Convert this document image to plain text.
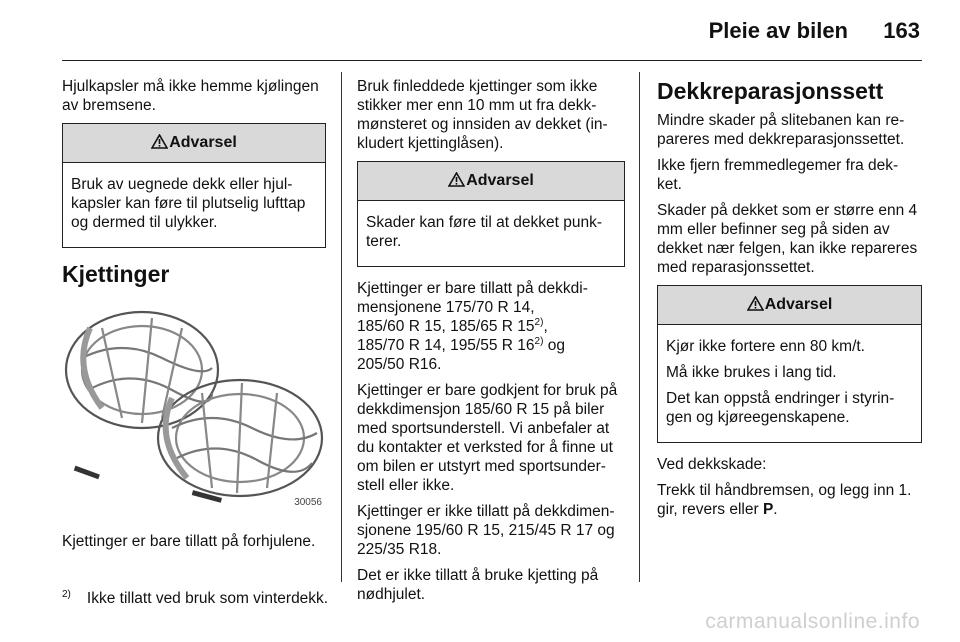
Pleie av bilen 163

Hjulkapsler må ikke hemme kjølingen av bremsene.

Advarsel

Bruk av uegnede dekk eller hjul-kapsler kan føre til plutselig lufttap og dermed til ulykker.

Kjettinger
30056

Kjettinger er bare tillatt på forhjulene.

Bruk finleddede kjettinger som ikke stikker mer enn 10 mm ut fra dekk-mønsteret og innsiden av dekket (in-kludert kjettinglåsen).

Advarsel

Skader kan føre til at dekket punk-terer.

Kjettinger er bare tillatt på dekkdi-mensjonene 175/70 R 14,
185/60 R 15, 185/65 R 15$^{2)}$,
185/70 R 14, 195/55 R 16$^{2)}$ og
205/50 R16.

Kjettinger er bare godkjent for bruk på dekkdimensjon 185/60 R 15 på biler med sportsunderstell. Vi anbefaler at du kontakter et verksted for å finne ut om bilen er utstyrt med sportsunder-stell eller ikke.

Kjettinger er ikke tillatt på dekkdimen-sjonene 195/60 R 15, 215/45 R 17 og 225/35 R18.

Det er ikke tillatt å bruke kjetting på nødhjulet.

Dekkreparasjonssett

Mindre skader på slitebanen kan re-pareres med dekkreparasjonssettet.

Ikke fjern fremmedlegemer fra dek-ket.

Skader på dekket som er større enn 4 mm eller befinner seg på siden av dekket nær felgen, kan ikke repareres med reparasjonssettet.

Advarsel

Kjør ikke fortere enn 80 km/t.

Må ikke brukes i lang tid.

Det kan oppstå endringer i styrin-gen og kjøreegenskapene.

Ved dekkskade:

Trekk til håndbremsen, og legg inn 1. gir, revers eller P.

$^{2)}$ Ikke tillatt ved bruk som vinterdekk.
carmanualsonline.info
